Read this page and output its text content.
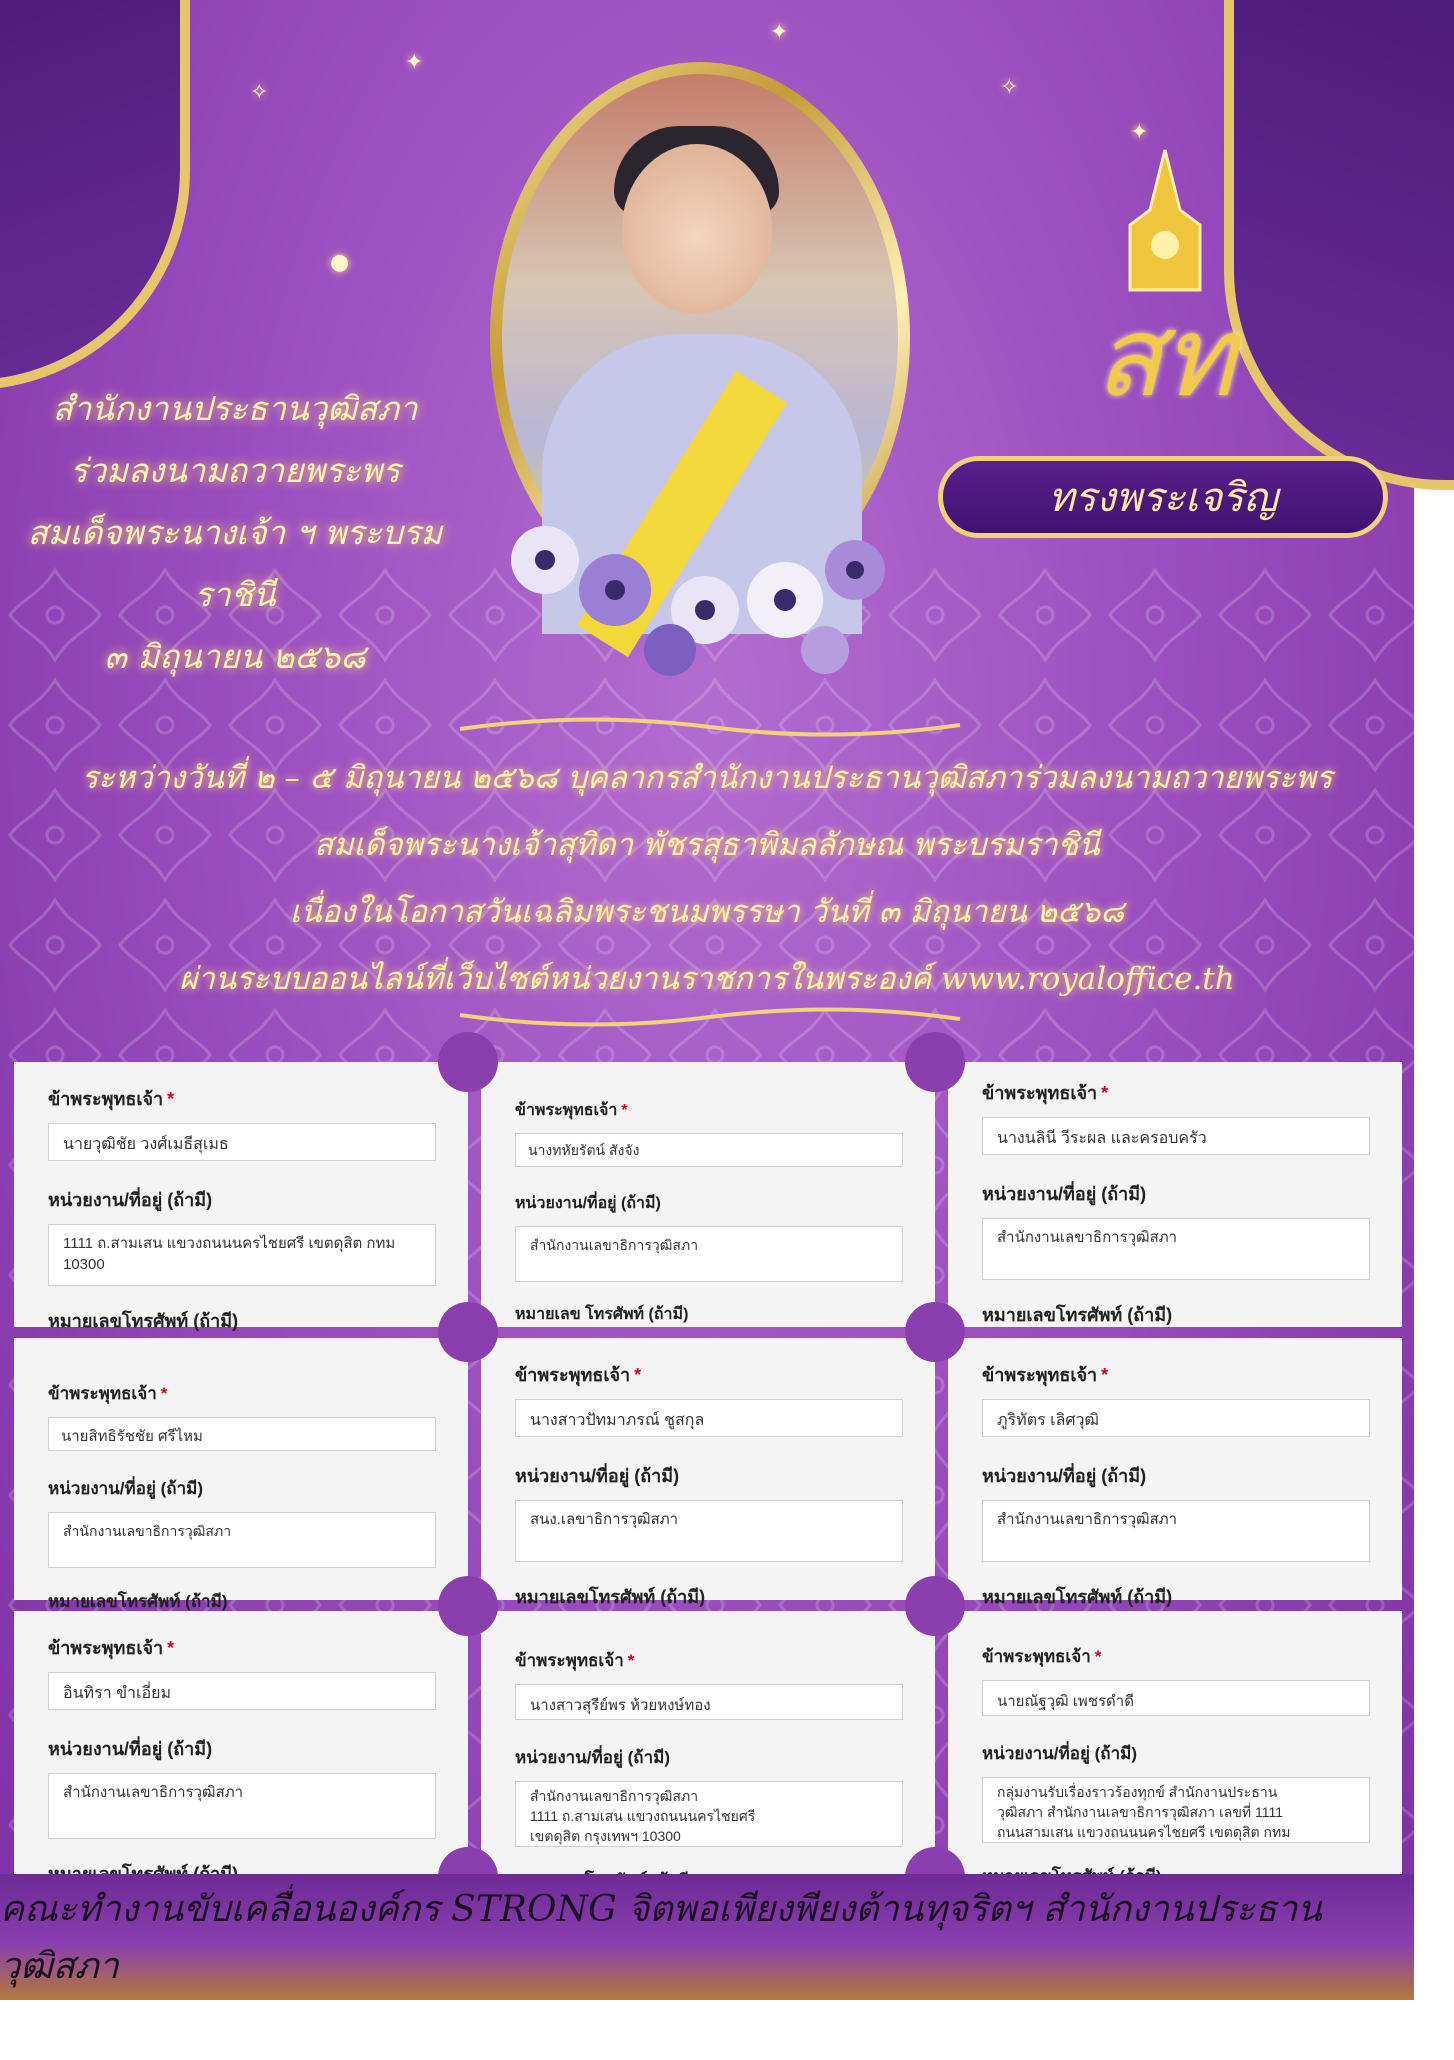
✦
●
✦
✦
✧
✧
สำนักงานประธานวุฒิสภา
ร่วมลงนามถวายพระพร
สมเด็จพระนางเจ้า ฯ พระบรมราชินี
๓ มิถุนายน ๒๕๖๘
สท
ทรงพระเจริญ
ระหว่างวันที่ ๒ – ๕ มิถุนายน ๒๕๖๘ บุคลากรสำนักงานประธานวุฒิสภาร่วมลงนามถวายพระพร
สมเด็จพระนางเจ้าสุทิดา พัชรสุธาพิมลลักษณ พระบรมราชินี
เนื่องในโอกาสวันเฉลิมพระชนมพรรษา วันที่ ๓ มิถุนายน ๒๕๖๘
ผ่านระบบออนไลน์ที่เว็บไซต์หน่วยงานราชการในพระองค์ www.royaloffice.th
ข้าพระพุทธเจ้า *
นายวุฒิชัย วงศ์เมธีสุเมธ
หน่วยงาน/ที่อยู่ (ถ้ามี)
1111 ถ.สามเสน แขวงถนนนครไชยศรี เขตดุสิต กทม
10300
หมายเลขโทรศัพท์ (ถ้ามี)
ข้าพระพุทธเจ้า *
นางทหัยรัตน์ สังจัง
หน่วยงาน/ที่อยู่ (ถ้ามี)
สำนักงานเลขาธิการวุฒิสภา
หมายเลข โทรศัพท์ (ถ้ามี)
ข้าพระพุทธเจ้า *
นางนลินี วีระผล และครอบครัว
หน่วยงาน/ที่อยู่ (ถ้ามี)
สำนักงานเลขาธิการวุฒิสภา
หมายเลขโทรศัพท์ (ถ้ามี)
ข้าพระพุทธเจ้า *
นายสิทธิรัชชัย ศรีไหม
หน่วยงาน/ที่อยู่ (ถ้ามี)
สำนักงานเลขาธิการวุฒิสภา
หมายเลขโทรศัพท์ (ถ้ามี)
ข้าพระพุทธเจ้า *
นางสาวปัทมาภรณ์ ชูสกุล
หน่วยงาน/ที่อยู่ (ถ้ามี)
สนง.เลขาธิการวุฒิสภา
หมายเลขโทรศัพท์ (ถ้ามี)
ข้าพระพุทธเจ้า *
ภูริทัตร เลิศวุฒิ
หน่วยงาน/ที่อยู่ (ถ้ามี)
สำนักงานเลขาธิการวุฒิสภา
หมายเลขโทรศัพท์ (ถ้ามี)
ข้าพระพุทธเจ้า *
อินทิรา ขำเอี่ยม
หน่วยงาน/ที่อยู่ (ถ้ามี)
สำนักงานเลขาธิการวุฒิสภา
ข้าพระพุทธเจ้า *
นางสาวสุรีย์พร ห้วยหงษ์ทอง
หน่วยงาน/ที่อยู่ (ถ้ามี)
สำนักงานเลขาธิการวุฒิสภา
1111 ถ.สามเสน แขวงถนนนครไชยศรี
เขตดุสิต กรุงเทพฯ 10300
ข้าพระพุทธเจ้า *
นายณัฐวุฒิ เพชรดำดี
หน่วยงาน/ที่อยู่ (ถ้ามี)
กลุ่มงานรับเรื่องราวร้องทุกข์ สำนักงานประธาน
วุฒิสภา สำนักงานเลขาธิการวุฒิสภา เลขที่ 1111
ถนนสามเสน แขวงถนนนครไชยศรี เขตดุสิต กทม
คณะทำงานขับเคลื่อนองค์กร STRONG จิตพอเพียงพียงต้านทุจริตฯ สำนักงานประธานวุฒิสภา
